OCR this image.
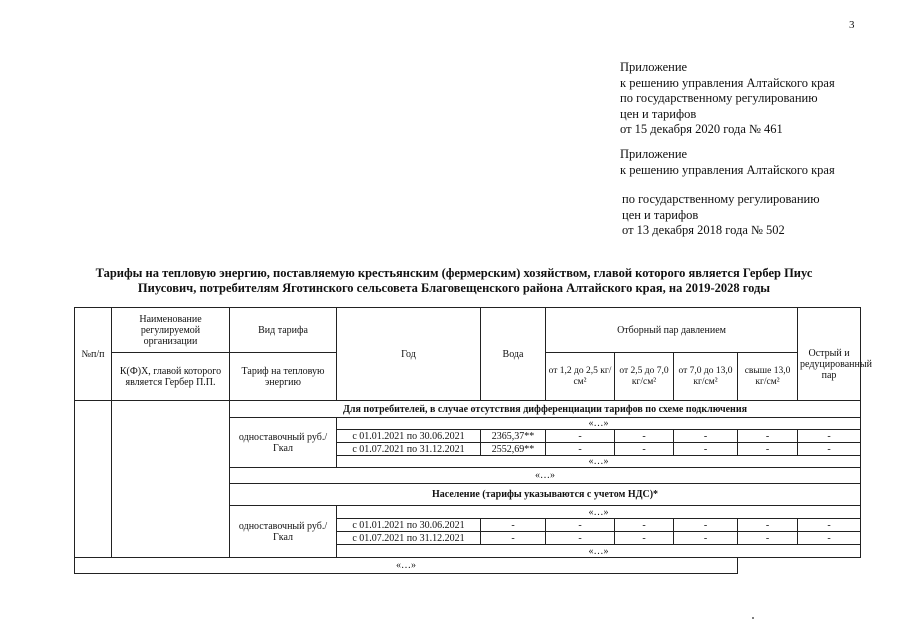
3
Приложение
к решению управления Алтайского края
по государственному регулированию
цен и тарифов
от 15 декабря 2020 года № 461
Приложение
к решению управления Алтайского края
по государственному регулированию
цен и тарифов
от 13 декабря 2018 года № 502
Тарифы на тепловую энергию, поставляемую крестьянским (фермерским) хозяйством, главой которого является Гербер Пиус
Пиусович, потребителям Яготинского сельсовета Благовещенского района Алтайского края, на 2019-2028 годы
№п/п	Наименование регулируемой организации	Вид тарифа	Год	Вода	Отборный пар давлением				Острый и редуцированный пар
	К(Ф)Х, главой которого является Гербер П.П.	Тариф на тепловую энергию			от 1,2 до 2,5 кг/см²	от 2,5 до 7,0 кг/см²	от 7,0 до 13,0 кг/см²	свыше 13,0 кг/см²	
		Для потребителей, в случае отсутствия дифференциации тарифов по схеме подключения							
		одноставочный руб./Гкал	«…»						
			с 01.01.2021 по 30.06.2021	2365,37**	-	-	-	-	-
			с 01.07.2021 по 31.12.2021	2552,69**	-	-	-	-	-
			«…»						
		«…»							
		Население (тарифы указываются с учетом НДС)*							
		одноставочный руб./Гкал	«…»						
			с 01.01.2021 по 30.06.2021	-	-	-	-	-	-
			с 01.07.2021 по 31.12.2021	-	-	-	-	-	-
			«…»						
«…»									
